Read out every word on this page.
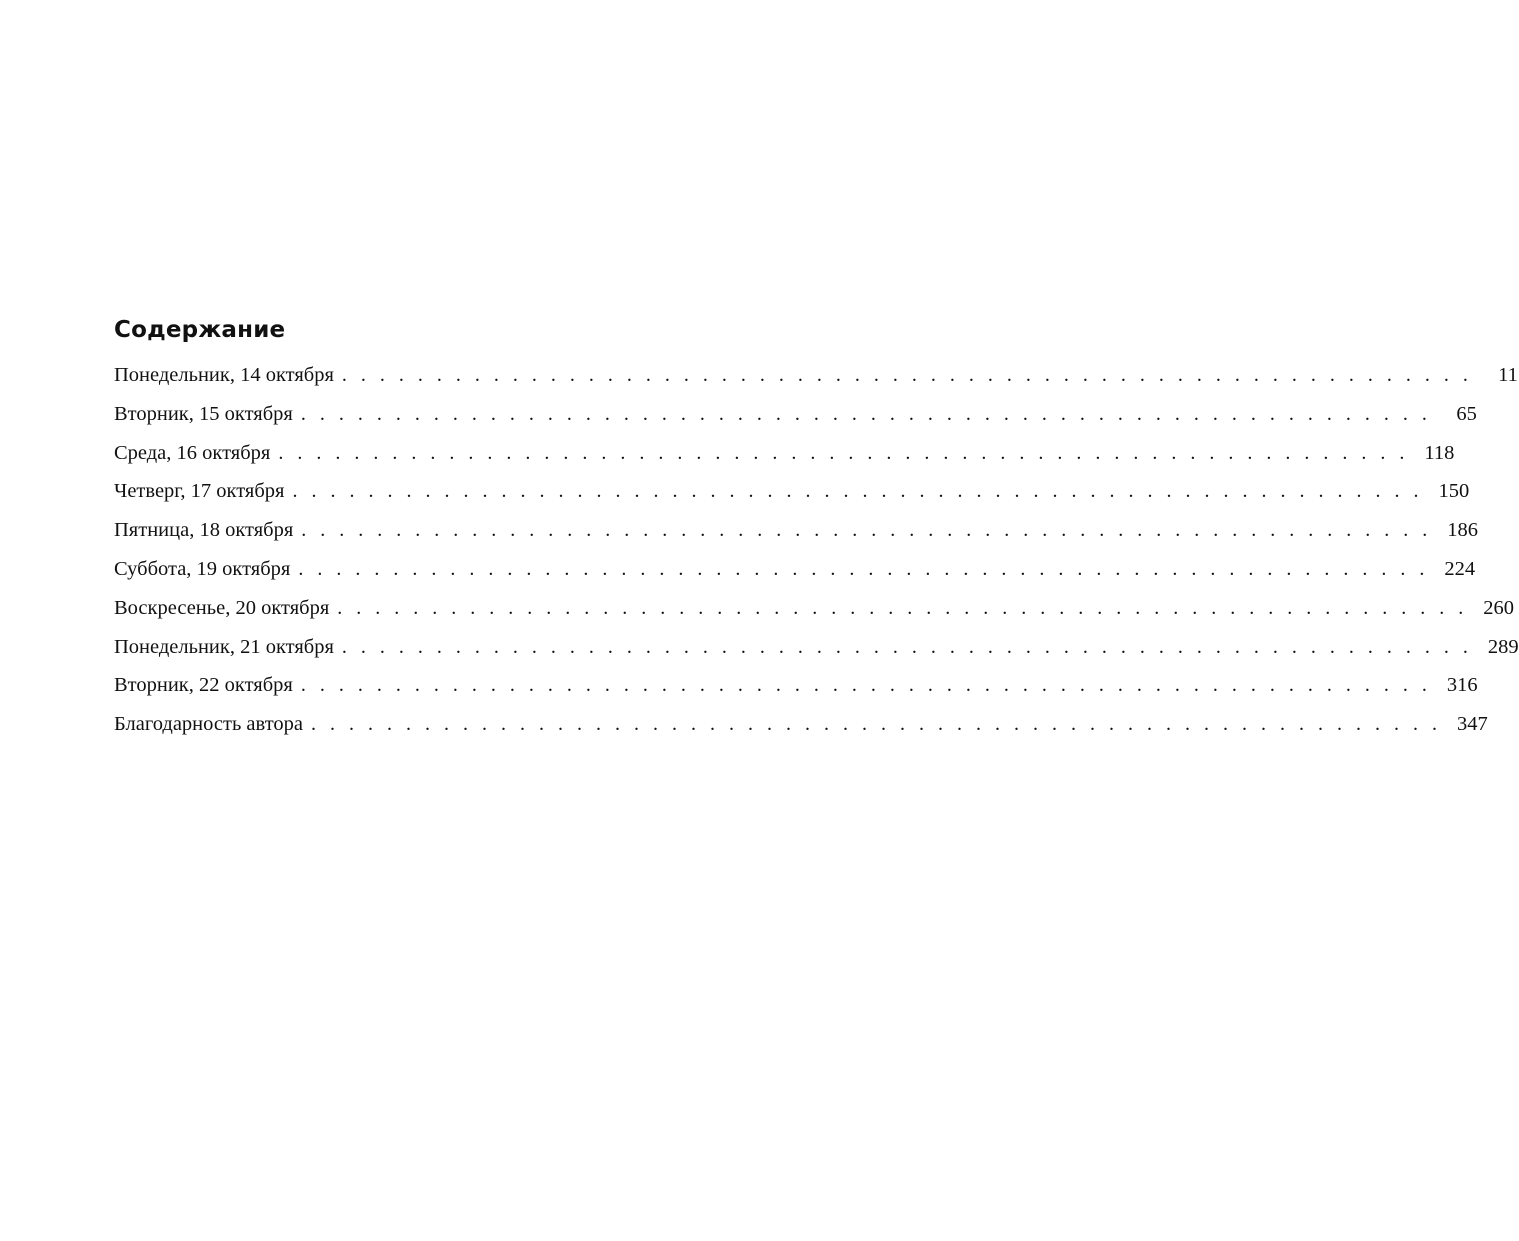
Содержание
Понедельник, 14 октября ............................................................ 11
Вторник, 15 октября ............................................................ 65
Среда, 16 октября ............................................................ 118
Четверг, 17 октября ............................................................ 150
Пятница, 18 октября ............................................................ 186
Суббота, 19 октября ............................................................ 224
Воскресенье, 20 октября ............................................................ 260
Понедельник, 21 октября ............................................................ 289
Вторник, 22 октября ............................................................ 316
Благодарность автора ............................................................ 347
